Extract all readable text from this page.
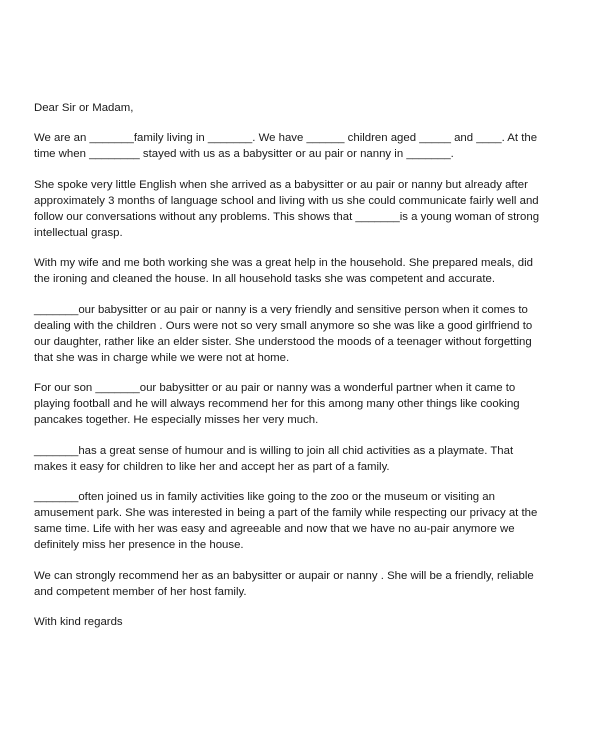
Dear Sir or Madam,

We are an _______family living in _______. We have ______ children aged _____ and ____. At the
time when ________ stayed with us as a babysitter or au pair or nanny in _______.

She spoke very little English when she arrived as a babysitter or au pair or nanny but already after
approximately 3 months of language school and living with us she could communicate fairly well and
follow our conversations without any problems. This shows that _______is a young woman of strong
intellectual grasp.

With my wife and me both working she was a great help in the household. She prepared meals, did
the ironing and cleaned the house. In all household tasks she was competent and accurate.

_______our babysitter or au pair or nanny is a very friendly and sensitive person when it comes to
dealing with the children . Ours were not so very small anymore so she was like a good girlfriend to
our daughter, rather like an elder sister. She understood the moods of a teenager without forgetting
that she was in charge while we were not at home.

For our son _______our babysitter or au pair or nanny was a wonderful partner when it came to
playing football and he will always recommend her for this among many other things like cooking
pancakes together. He especially misses her very much.

_______has a great sense of humour and is willing to join all chid activities as a playmate. That
makes it easy for children to like her and accept her as part of a family.

_______often joined us in family activities like going to the zoo or the museum or visiting an
amusement park. She was interested in being a part of the family while respecting our privacy at the
same time. Life with her was easy and agreeable and now that we have no au-pair anymore we
definitely miss her presence in the house.

We can strongly recommend her as an babysitter or aupair or nanny . She will be a friendly, reliable
and competent member of her host family.

With kind regards
